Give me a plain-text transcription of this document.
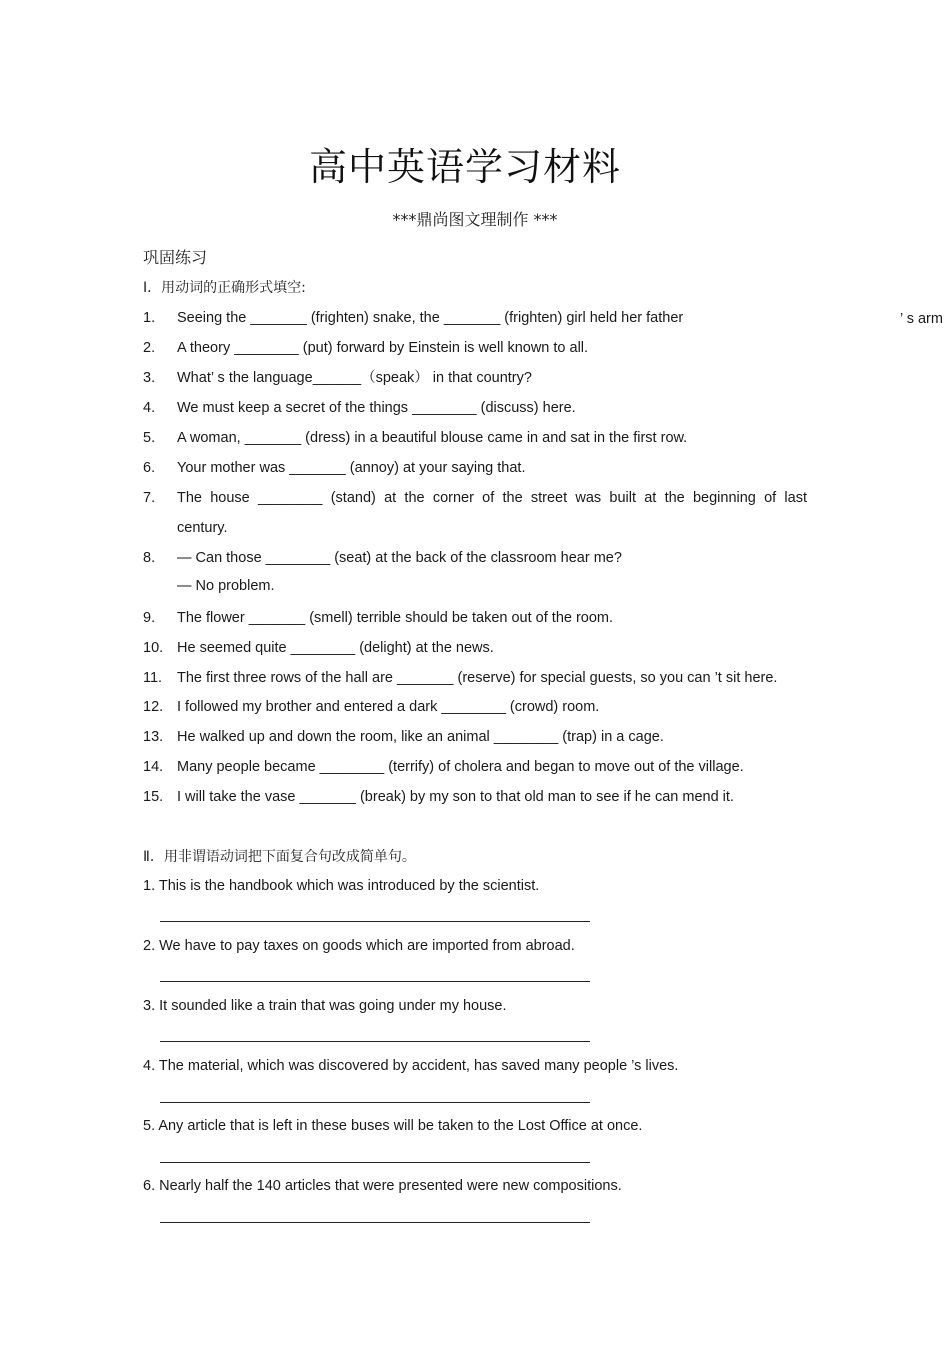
高中英语学习材料
***鼎尚图文理制作 ***
巩固练习
Ⅰ．用动词的正确形式填空:
1. Seeing the _______ (frighten) snake, the _______ (frighten) girl held her father	’ s arm
2. A theory ________ (put) forward by Einstein is well known to all.
3. What’ s the language______（speak） in that country?
4. We must keep a secret of the things ________ (discuss) here.
5. A woman, _______ (dress) in a beautiful blouse came in and sat in the first row.
6. Your mother was _______ (annoy) at your saying that.
7. The house ________ (stand) at the corner of the street was built at the beginning of last
century.
8. — Can those ________ (seat) at the back of the classroom hear me?
— No problem.
9. The flower _______ (smell) terrible should be taken out of the room.
10. He seemed quite ________ (delight) at the news.
11. The first three rows of the hall are _______ (reserve) for special guests, so you can ’t sit here.
12. I followed my brother and entered a dark ________ (crowd) room.
13. He walked up and down the room, like an animal ________ (trap) in a cage.
14. Many people became ________ (terrify) of cholera and began to move out of the village.
15. I will take the vase _______ (break) by my son to that old man to see if he can mend it.
Ⅱ．用非谓语动词把下面复合句改成简单句。
1. This is the handbook which was introduced by the scientist.
2. We have to pay taxes on goods which are imported from abroad.
3. It sounded like a train that was going under my house.
4. The material, which was discovered by accident, has saved many people ’s lives.
5. Any article that is left in these buses will be taken to the Lost Office at once.
6. Nearly half the 140 articles that were presented were new compositions.
